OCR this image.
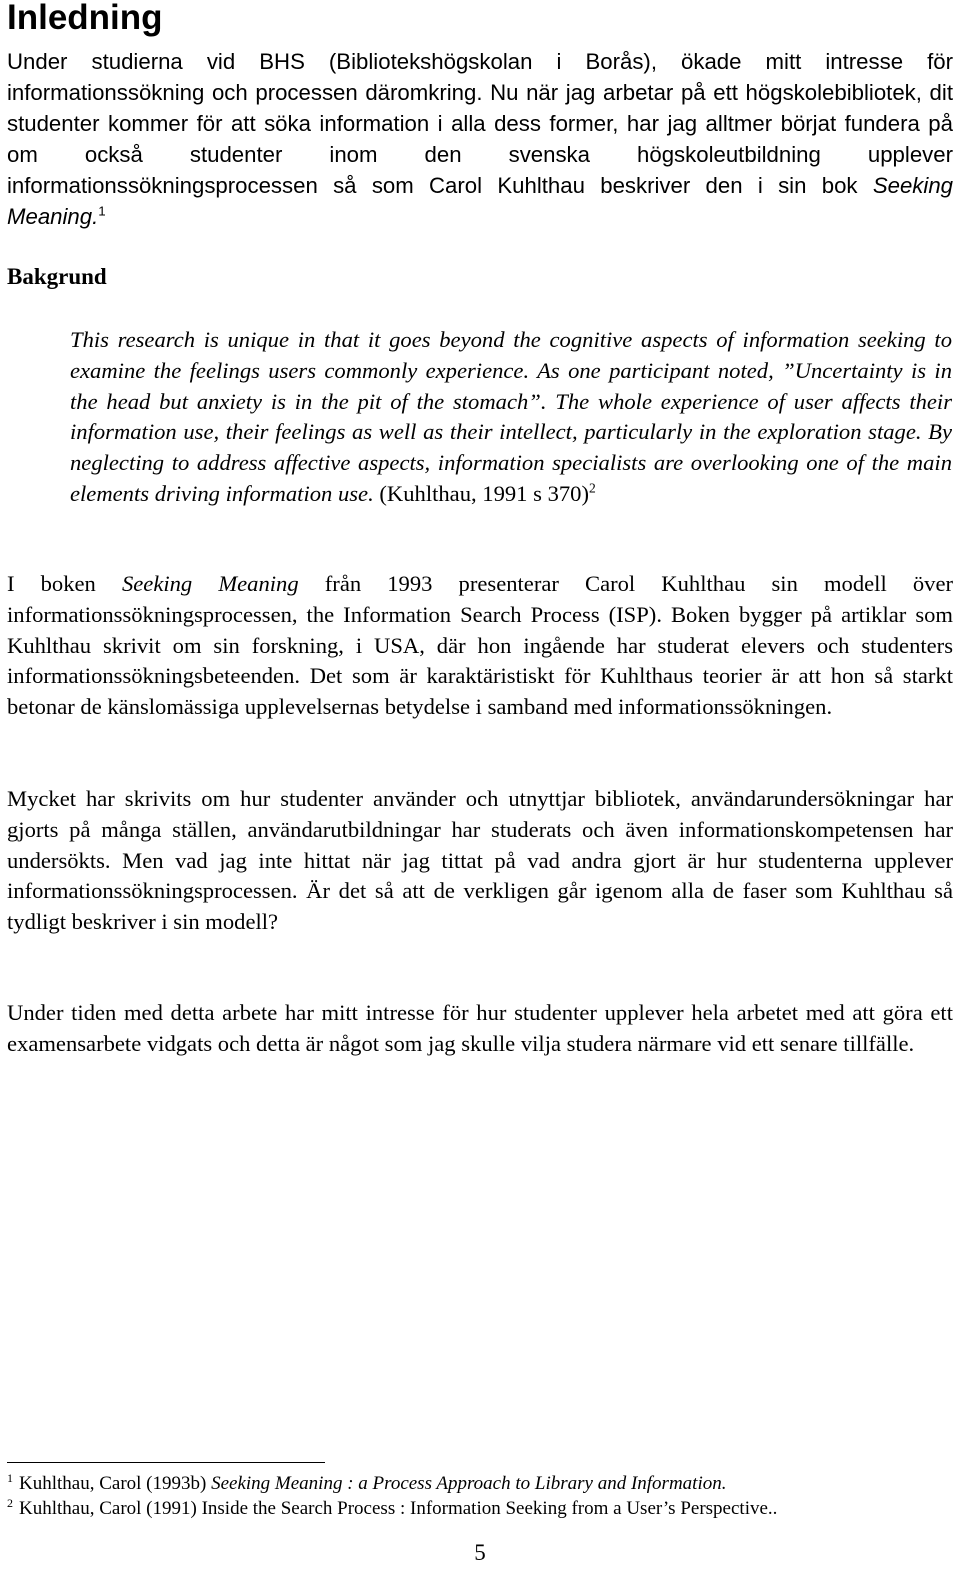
Inledning

Under studierna vid BHS (Bibliotekshögskolan i Borås), ökade mitt intresse för informationssökning och processen däromkring. Nu när jag arbetar på ett högskolebibliotek, dit studenter kommer för att söka information i alla dess former, har jag alltmer börjat fundera på om också studenter inom den svenska högskoleutbildning upplever informationssökningsprocessen så som Carol Kuhlthau beskriver den i sin bok Seeking Meaning.$^1$

Bakgrund

This research is unique in that it goes beyond the cognitive aspects of information seeking to examine the feelings users commonly experience. As one participant noted, ”Uncertainty is in the head but anxiety is in the pit of the stomach”. The whole experience of user affects their information use, their feelings as well as their intellect, particularly in the exploration stage. By neglecting to address affective aspects, information specialists are overlooking one of the main elements driving information use. (Kuhlthau, 1991 s 370)$^2$

I boken Seeking Meaning från 1993 presenterar Carol Kuhlthau sin modell över informationssökningsprocessen, the Information Search Process (ISP). Boken bygger på artiklar som Kuhlthau skrivit om sin forskning, i USA, där hon ingående har studerat elevers och studenters informationssökningsbeteenden. Det som är karaktäristiskt för Kuhlthaus teorier är att hon så starkt betonar de känslomässiga upplevelsernas betydelse i samband med informationssökningen.

Mycket har skrivits om hur studenter använder och utnyttjar bibliotek, användarundersökningar har gjorts på många ställen, användarutbildningar har studerats och även informationskompetensen har undersökts. Men vad jag inte hittat när jag tittat på vad andra gjort är hur studenterna upplever informationssökningsprocessen. Är det så att de verkligen går igenom alla de faser som Kuhlthau så tydligt beskriver i sin modell?

Under tiden med detta arbete har mitt intresse för hur studenter upplever hela arbetet med att göra ett examensarbete vidgats och detta är något som jag skulle vilja studera närmare vid ett senare tillfälle.

$^1$ Kuhlthau, Carol (1993b) Seeking Meaning : a Process Approach to Library and Information.

$^2$ Kuhlthau, Carol (1991) Inside the Search Process : Information Seeking from a User’s Perspective..

5
